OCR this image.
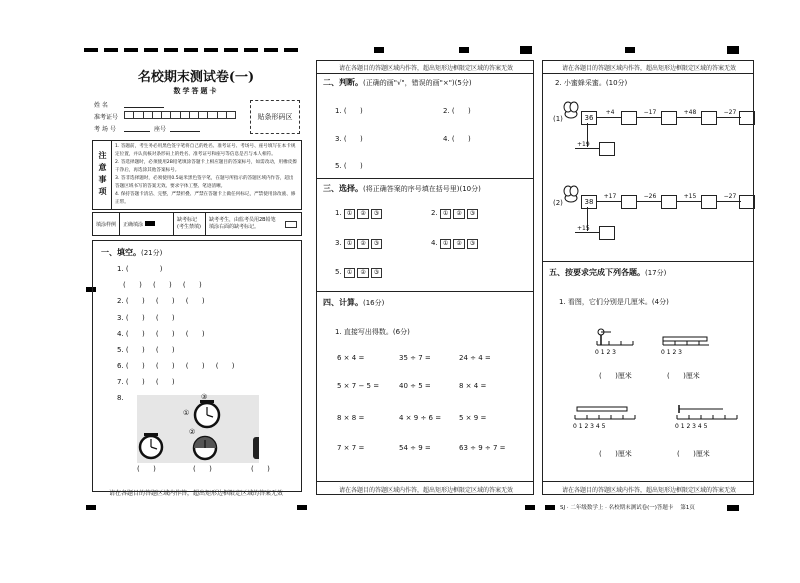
名校期末测试卷(一)
数学答题卡
姓 名
准考证号
考 场 号	座号
贴条形码区
注意事项
1. 答题前，考生务必用黑色签字笔将自己的姓名、准考证号、考场号、座号填写在本卡规定位置，并认真核对条形码上的姓名、准考证号和座号等信息是否与本人相符。
2. 答选择题时，必须使用2B铅笔填涂答题卡上相应题目的答案标号，如需改动，用橡皮擦干净后，再选涂其他答案标号。
3. 答非选择题时，必须使用0.5毫米黑色签字笔，在题号所指示的答题区域内作答，超出答题区域书写的答案无效。要求字体工整、笔迹清晰。
4. 保持答题卡清洁、完整，严禁折叠、严禁在答题卡上做任何标记，严禁使用涂改液、修正带。
填涂样例 正确填涂
缺考标记(考生禁填)
缺考考生，由监考员用2B铅笔填涂右面的缺考标记。
一、填空。(21分)
1. (              )
(      )     (      )     (      )
2. (      )     (      )     (      )
3. (      )     (      )
4. (      )     (      )     (      )
5. (      )     (      )
6. (      )     (      )     (      )     (      )
7. (      )     (      )
8.	③
①
②
(      )	(      )	(      )
请在各题目的答题区域内作答，超出矩形边框限定区域的答案无效
请在各题目的答题区域内作答，超出矩形边框限定区域的答案无效
二、判断。(正确的画"√"，错误的画"×")(5分)
1. (      )	2. (      )
3. (      )	4. (      )
5. (      )
三、选择。(将正确答案的序号填在括号里)(10分)
1. ① ② ③	2. ① ② ③
3. ① ② ③	4. ① ② ③
5. ① ② ③
四、计算。(16分)
1. 直接写出得数。(6分)
6 × 4 =	35 ÷ 7 =	24 ÷ 4 =
5 × 7 − 5 =	40 ÷ 5 =	8 × 4 =
8 × 8 =	4 × 9 ÷ 6 =	5 × 9 =
7 × 7 =	54 ÷ 9 =	63 ÷ 9 ÷ 7 =
请在各题目的答题区域内作答，超出矩形边框限定区域的答案无效
请在各题目的答题区域内作答，超出矩形边框限定区域的答案无效
2. 小蜜蜂采蜜。(10分)
(1)	36
+4	−17	+48	−27
+19
(2)	38
+17	−26	+15	−27
+15
五、按要求完成下列各题。(17分)
1. 看图，它们分别是几厘米。(4分)
0 1 2 3	0 1 2 3
(      )厘米	(      )厘米
0 1 2 3 4 5	0 1 2 3 4 5
(      )厘米	(      )厘米
请在各题目的答题区域内作答，超出矩形边框限定区域的答案无效
SJ · 二年级数学上 · 名校期末测试卷(一)答题卡    第1页
